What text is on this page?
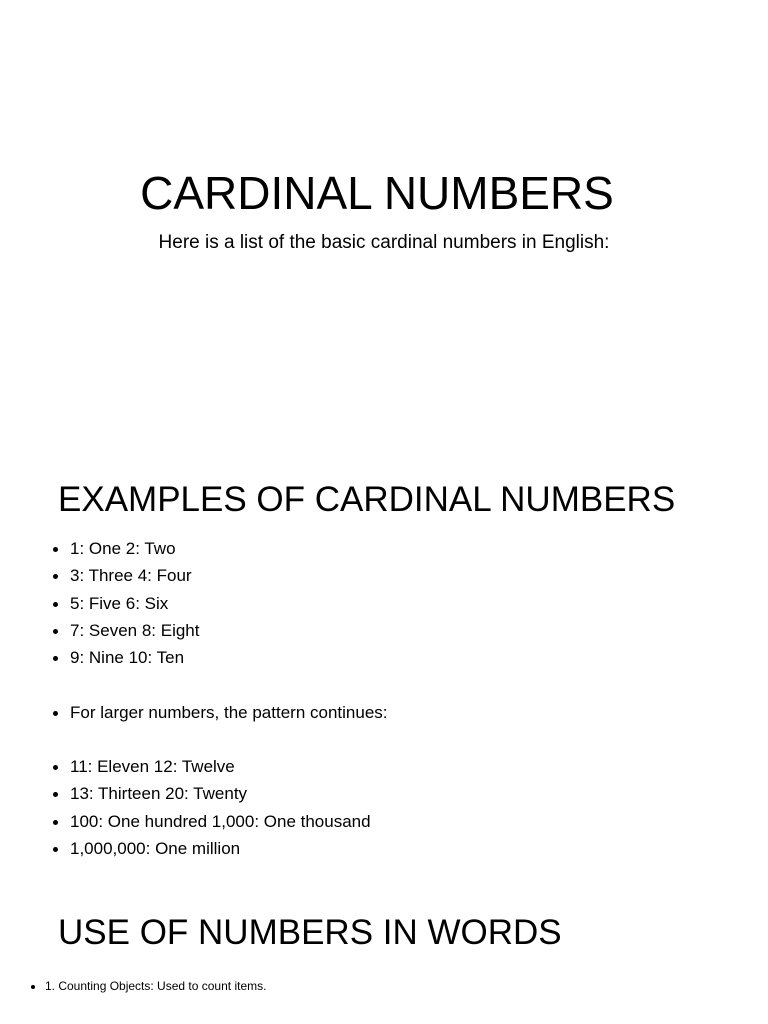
CARDINAL NUMBERS

Here is a list of the basic cardinal numbers in English:

EXAMPLES OF CARDINAL NUMBERS
1: One 2: Two
3: Three 4: Four
5: Five 6: Six
7: Seven 8: Eight
9: Nine 10: Ten
For larger numbers, the pattern continues:
11: Eleven 12: Twelve
13: Thirteen 20: Twenty
100: One hundred 1,000: One thousand
1,000,000: One million
USE OF NUMBERS IN WORDS
1. Counting Objects: Used to count items.
